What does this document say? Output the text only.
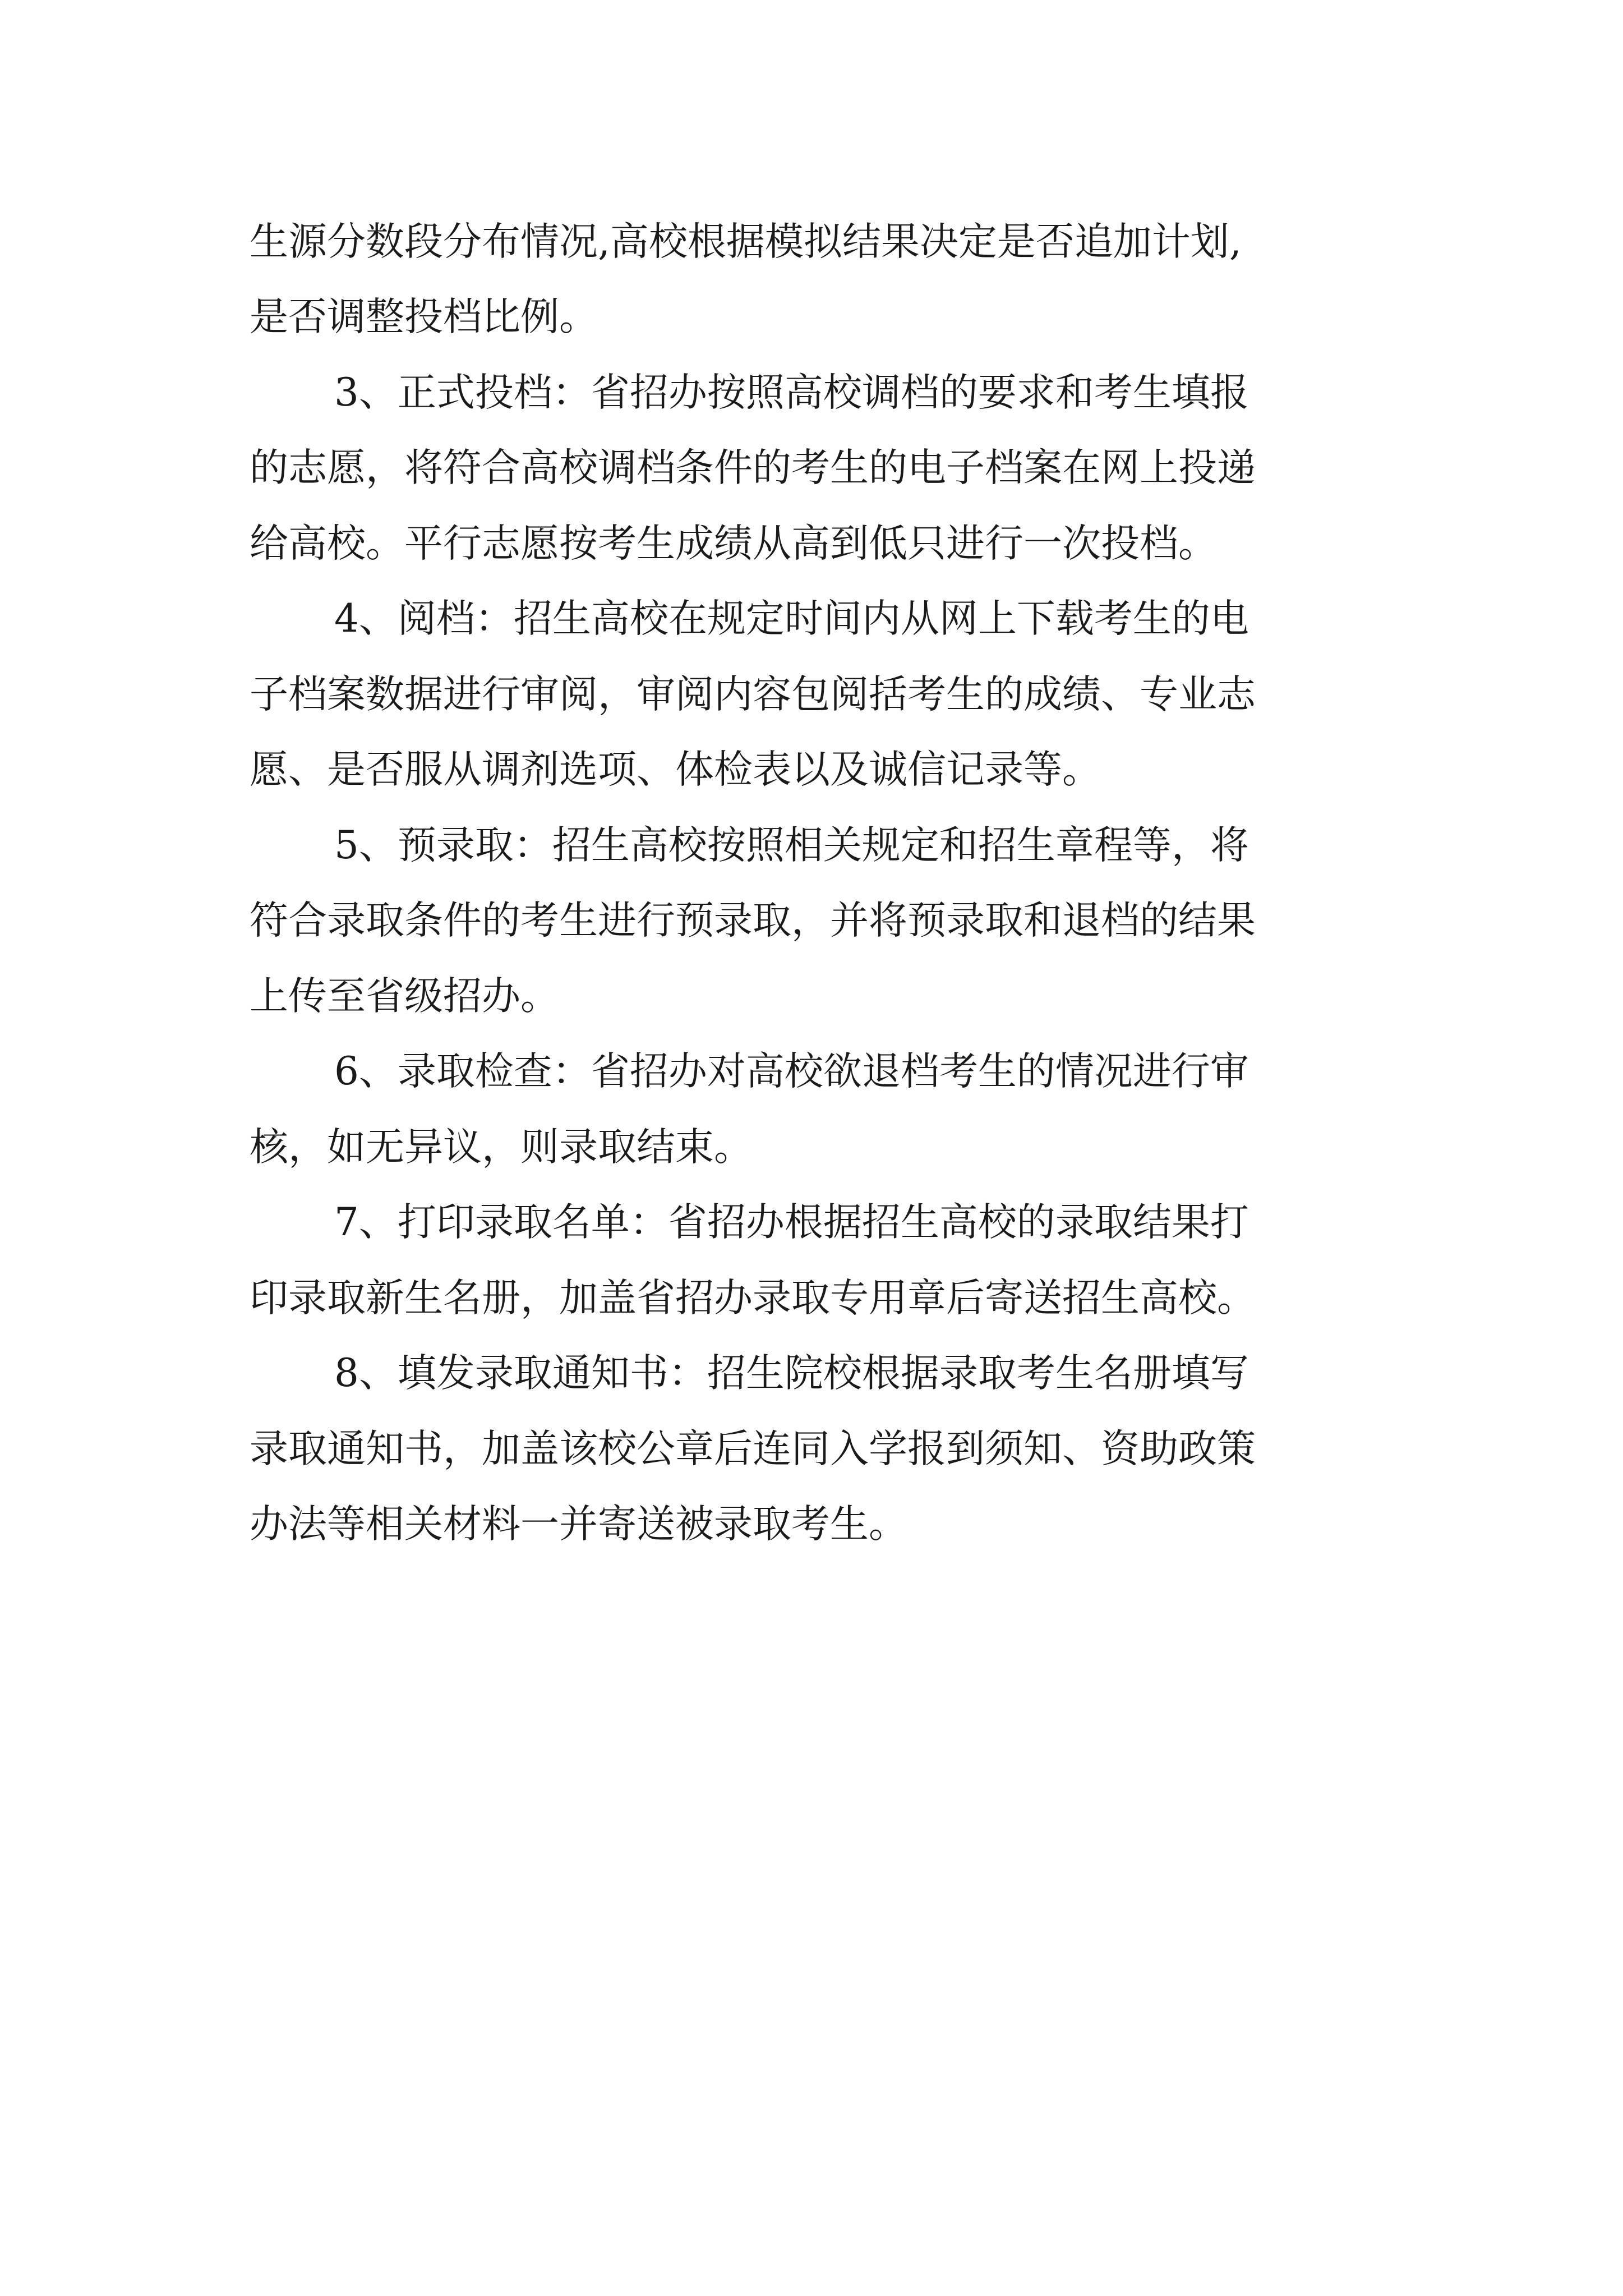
生源分数段分布情况,高校根据模拟结果决定是否追加计划,

是否调整投档比例。

3、正式投档：省招办按照高校调档的要求和考生填报

的志愿，将符合高校调档条件的考生的电子档案在网上投递

给高校。平行志愿按考生成绩从高到低只进行一次投档。

4、阅档：招生高校在规定时间内从网上下载考生的电

子档案数据进行审阅，审阅内容包阅括考生的成绩、专业志

愿、是否服从调剂选项、体检表以及诚信记录等。

5、预录取：招生高校按照相关规定和招生章程等，将

符合录取条件的考生进行预录取，并将预录取和退档的结果

上传至省级招办。

6、录取检查：省招办对高校欲退档考生的情况进行审

核，如无异议，则录取结束。

7、打印录取名单：省招办根据招生高校的录取结果打

印录取新生名册，加盖省招办录取专用章后寄送招生高校。

8、填发录取通知书：招生院校根据录取考生名册填写

录取通知书，加盖该校公章后连同入学报到须知、资助政策

办法等相关材料一并寄送被录取考生。
